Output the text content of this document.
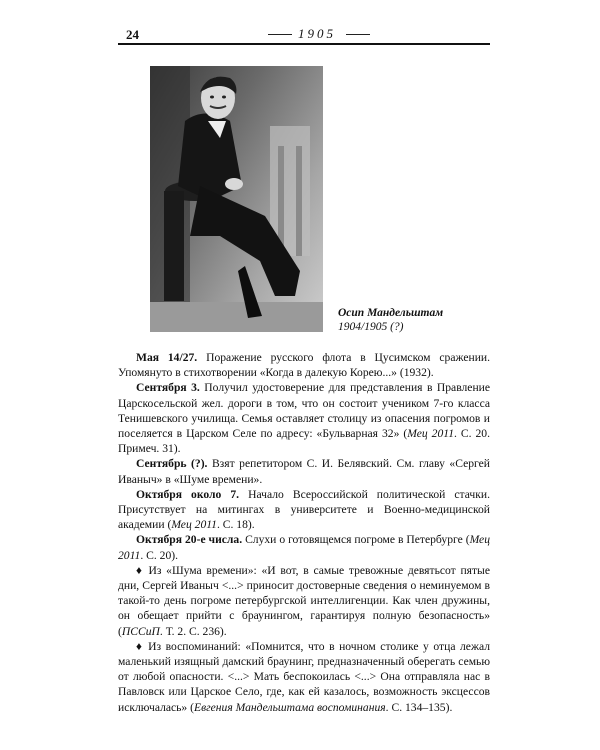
24	1905
Осип Мандельштам
1904/1905 (?)

Мая 14/27. Поражение русского флота в Цусимском сражении. Упомянуто в стихотворении «Когда в далекую Корею...» (1932).

Сентября 3. Получил удостоверение для представления в Правление Царскосельской жел. дороги в том, что он состоит учеником 7-го класса Тенишевского училища. Семья оставляет столицу из опасения погромов и поселяется в Царском Селе по адресу: «Бульварная 32» (Мец 2011. С. 20. Примеч. 31).

Сентябрь (?). Взят репетитором С. И. Белявский. См. главу «Сергей Иваныч» в «Шуме времени».

Октября около 7. Начало Всероссийской политической стачки. Присутствует на митингах в университете и Военно-медицинской академии (Мец 2011. С. 18).

Октября 20-е числа. Слухи о готовящемся погроме в Петербурге (Мец 2011. С. 20).

♦ Из «Шума времени»: «И вот, в самые тревожные девятьсот пятые дни, Сергей Иваныч <...> приносит достоверные сведения о неминуемом в такой-то день погроме петербургской интеллигенции. Как член дружины, он обещает прийти с браунингом, гарантируя полную безопасность» (ПССиП. Т. 2. С. 236).

♦ Из воспоминаний: «Помнится, что в ночном столике у отца лежал маленький изящный дамский браунинг, предназначенный оберегать семью от любой опасности. <...> Мать беспокоилась <...> Она отправляла нас в Павловск или Царское Село, где, как ей казалось, возможность эксцессов исключалась» (Евгения Мандельштама воспоминания. С. 134–135).
